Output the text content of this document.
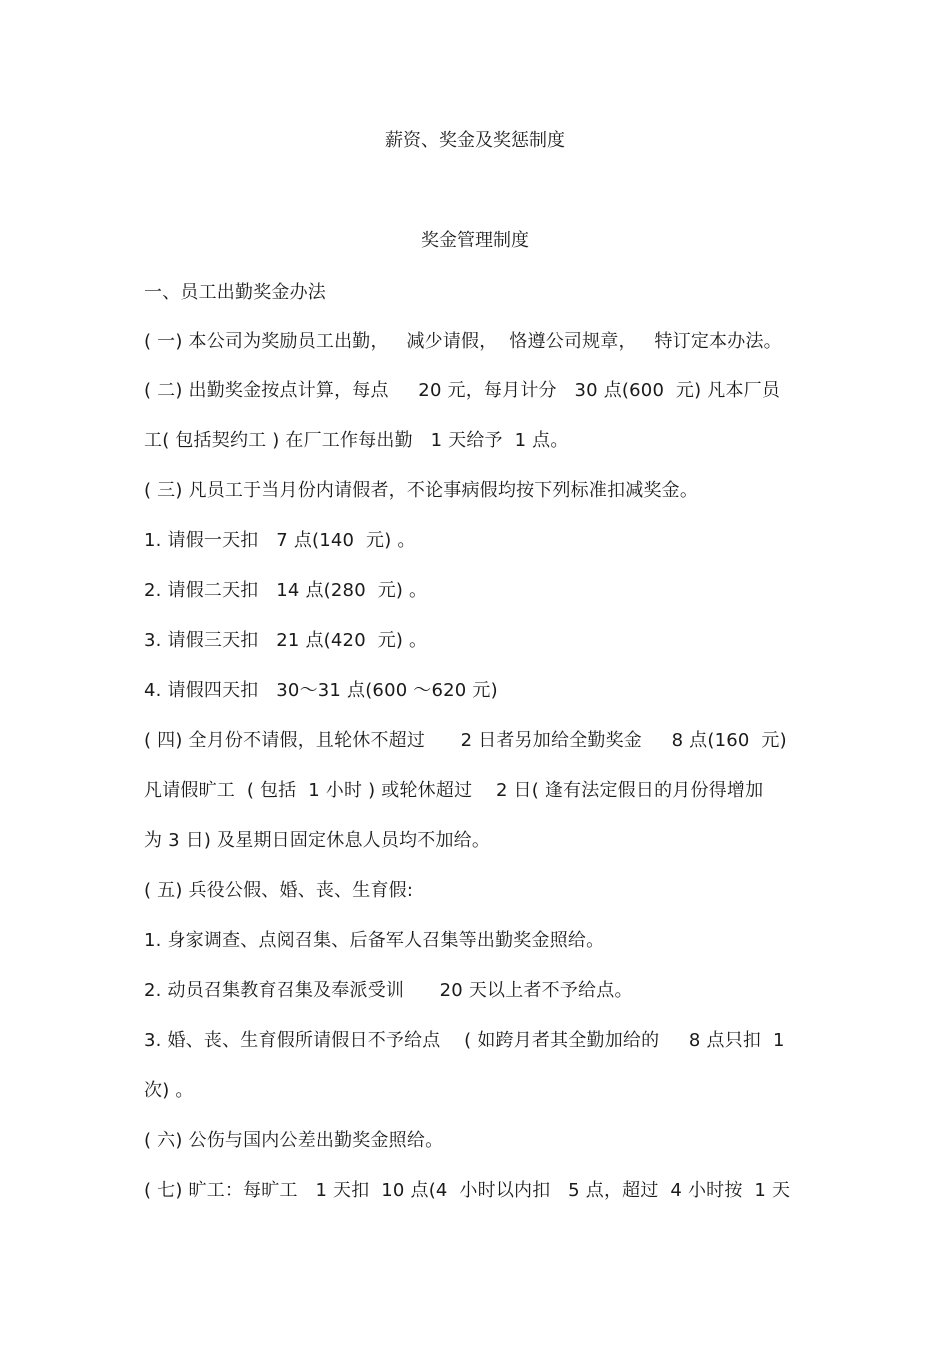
薪资、奖金及奖惩制度
奖金管理制度
一、员工出勤奖金办法
( 一) 本公司为奖励员工出勤，   减少请假，  恪遵公司规章，   特订定本办法。
( 二) 出勤奖金按点计算，每点     20 元，每月计分   30 点(600  元) 凡本厂员
工( 包括契约工 ) 在厂工作每出勤   1 天给予  1 点。
( 三) 凡员工于当月份内请假者，不论事病假均按下列标准扣减奖金。
1. 请假一天扣   7 点(140  元) 。
2. 请假二天扣   14 点(280  元) 。
3. 请假三天扣   21 点(420  元) 。
4. 请假四天扣   30～31 点(600 ～620 元)
( 四) 全月份不请假，且轮休不超过      2 日者另加给全勤奖金     8 点(160  元)
凡请假旷工  ( 包括  1 小时 ) 或轮休超过    2 日( 逢有法定假日的月份得增加
为 3 日) 及星期日固定休息人员均不加给。
( 五) 兵役公假、婚、丧、生育假:
1. 身家调查、点阅召集、后备军人召集等出勤奖金照给。
2. 动员召集教育召集及奉派受训      20 天以上者不予给点。
3. 婚、丧、生育假所请假日不予给点    ( 如跨月者其全勤加给的     8 点只扣  1
次) 。
( 六) 公伤与国内公差出勤奖金照给。
( 七) 旷工：每旷工   1 天扣  10 点(4  小时以内扣   5 点，超过  4 小时按  1 天
